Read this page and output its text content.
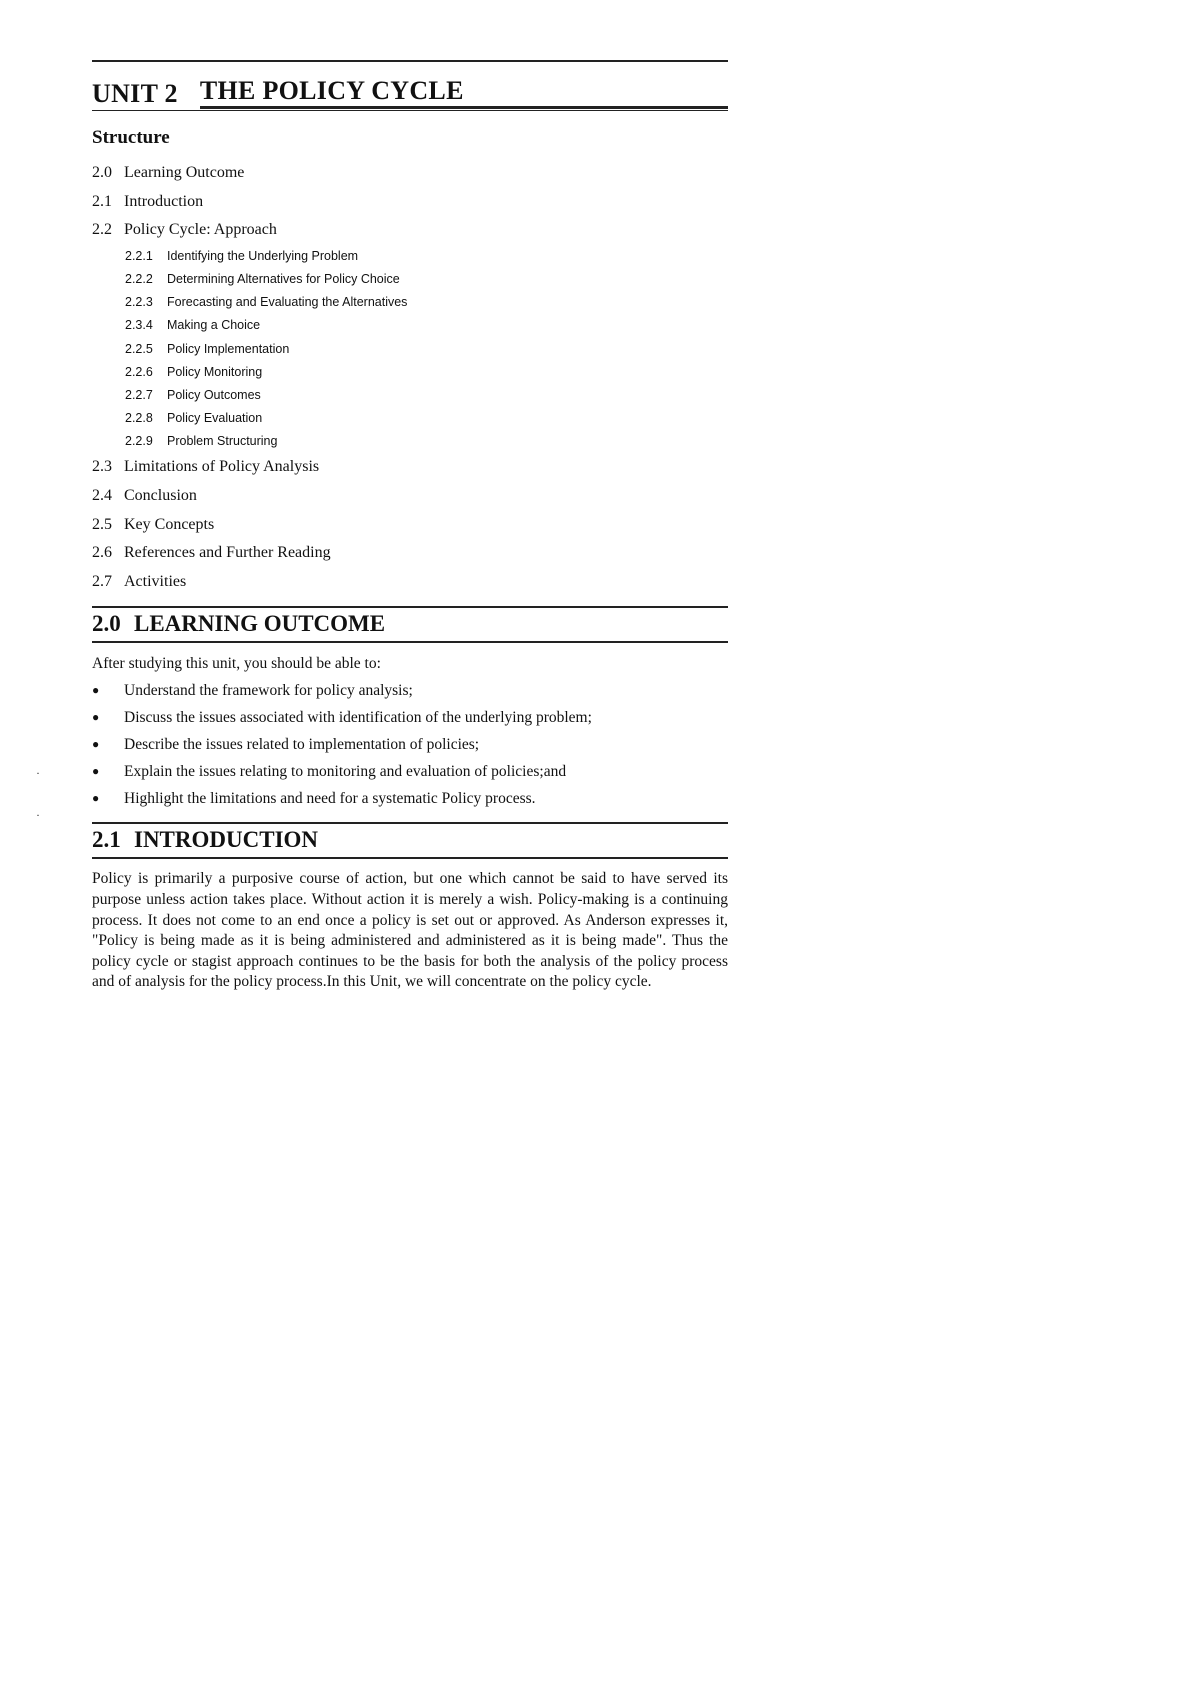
UNIT 2 THE POLICY CYCLE
Structure
2.0 Learning Outcome
2.1 Introduction
2.2 Policy Cycle: Approach
2.2.1	Identifying the Underlying Problem
2.2.2	Determining Alternatives for Policy Choice
2.2.3	Forecasting and Evaluating the Alternatives
2.3.4	Making a Choice
2.2.5	Policy Implementation
2.2.6	Policy Monitoring
2.2.7	Policy Outcomes
2.2.8	Policy Evaluation
2.2.9	Problem Structuring
2.3 Limitations of Policy Analysis
2.4 Conclusion
2.5 Key Concepts
2.6 References and Further Reading
2.7 Activities
2.0 LEARNING OUTCOME
After studying this unit, you should be able to:
●	Understand the framework for policy analysis;
●	Discuss the issues associated with identification of the underlying problem;
●	Describe the issues related to implementation of policies;
●	Explain the issues relating to monitoring and evaluation of policies;and
●	Highlight the limitations and need for a systematic Policy process.
2.1 INTRODUCTION

Policy is primarily a purposive course of action, but one which cannot be said to have served its purpose unless action takes place. Without action it is merely a wish. Policy-making is a continuing process. It does not come to an end once a policy is set out or approved. As Anderson expresses it, "Policy is being made as it is being administered and administered as it is being made". Thus the policy cycle or stagist approach continues to be the basis for both the analysis of the policy process and of analysis for the policy process.In this Unit, we will concentrate on the policy cycle.

·
·
